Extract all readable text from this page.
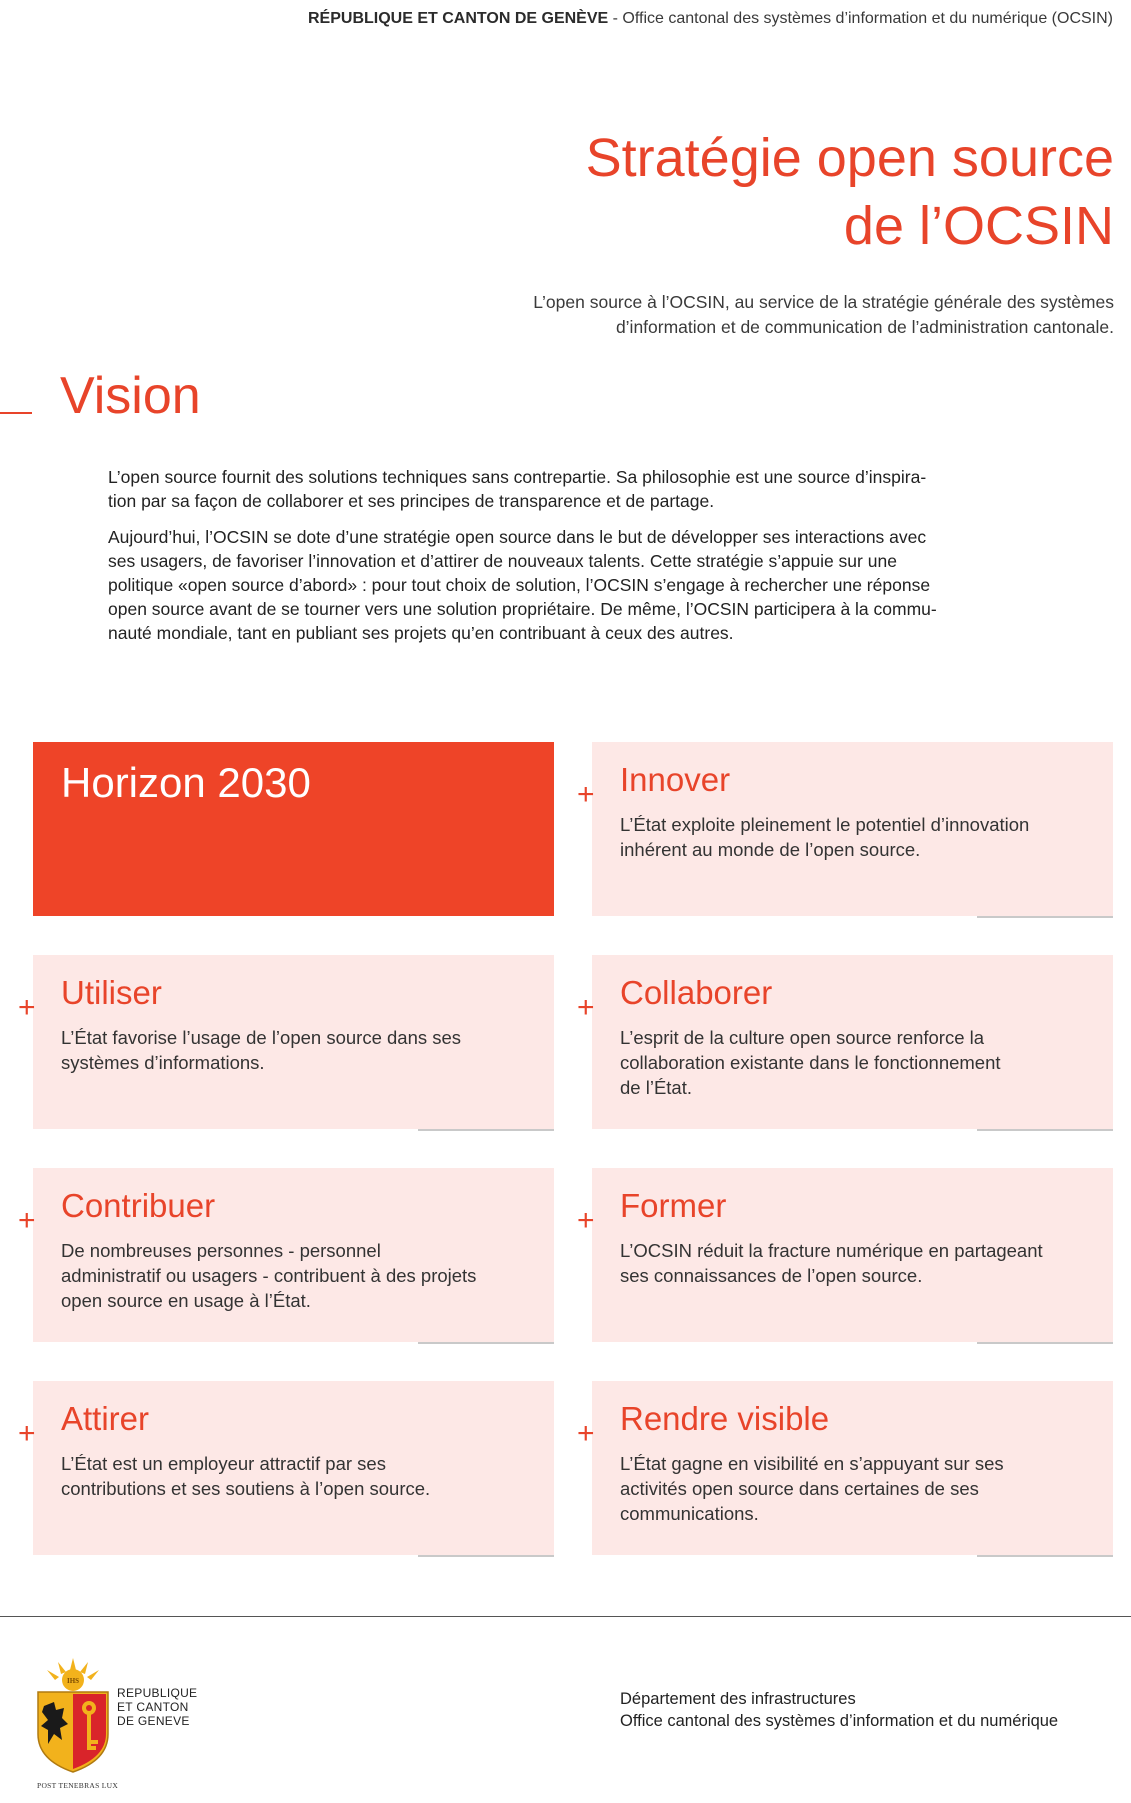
RÉPUBLIQUE ET CANTON DE GENÈVE - Office cantonal des systèmes d’information et du numérique (OCSIN)
Stratégie open source
de l’OCSIN
L’open source à l’OCSIN, au service de la stratégie générale des systèmes
d’information et de communication de l’administration cantonale.
Vision

L’open source fournit des solutions techniques sans contrepartie. Sa philosophie est une source d’inspira-
tion par sa façon de collaborer et ses principes de transparence et de partage.

Aujourd’hui, l’OCSIN se dote d’une stratégie open source dans le but de développer ses interactions avec
ses usagers, de favoriser l’innovation et d’attirer de nouveaux talents. Cette stratégie s’appuie sur une
politique «open source d’abord» : pour tout choix de solution, l’OCSIN s’engage à rechercher une réponse
open source avant de se tourner vers une solution propriétaire. De même, l’OCSIN participera à la commu-
nauté mondiale, tant en publiant ses projets qu’en contribuant à ceux des autres.

Horizon 2030	+ Innover
L’État exploite pleinement le potentiel d’innovation
inhérent au monde de l’open source.
+ Utiliser
L’État favorise l’usage de l’open source dans ses
systèmes d’informations.
+ Collaborer
L’esprit de la culture open source renforce la
collaboration existante dans le fonctionnement
de l’État.
+ Contribuer
De nombreuses personnes - personnel
administratif ou usagers - contribuent à des projets
open source en usage à l’État.
+ Former
L’OCSIN réduit la fracture numérique en partageant
ses connaissances de l’open source.
+ Attirer
L’État est un employeur attractif par ses
contributions et ses soutiens à l’open source.
+ Rendre visible
L’État gagne en visibilité en s’appuyant sur ses
activités open source dans certaines de ses
communications.
IHS
REPUBLIQUE
ET CANTON
DE GENEVE
POST TENEBRAS LUX
Département des infrastructures
Office cantonal des systèmes d’information et du numérique
